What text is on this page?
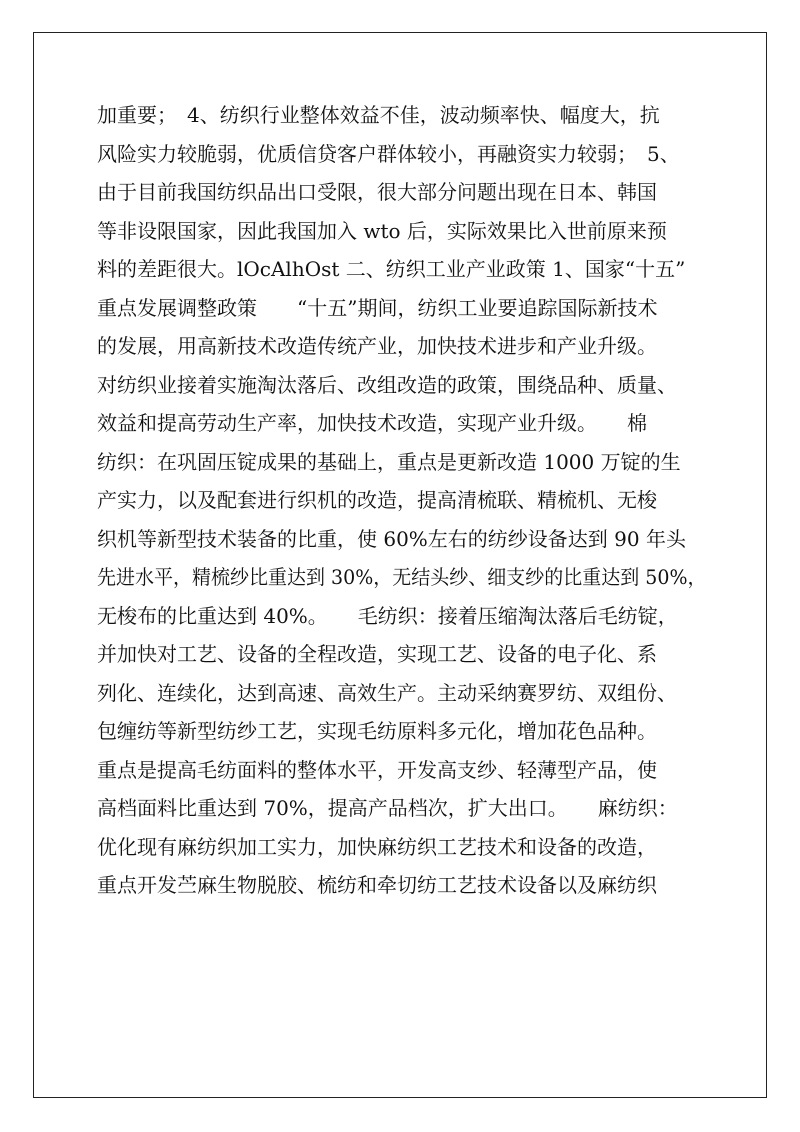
加重要；　4、纺织行业整体效益不佳，波动频率快、幅度大，抗
风险实力较脆弱，优质信贷客户群体较小，再融资实力较弱；　5、
由于目前我国纺织品出口受限，很大部分问题出现在日本、韩国
等非设限国家，因此我国加入 wto 后，实际效果比入世前原来预
料的差距很大。lOcAlhOst 二、纺织工业产业政策 1、国家“十五”
重点发展调整政策　　“十五”期间，纺织工业要追踪国际新技术
的发展，用高新技术改造传统产业，加快技术进步和产业升级。
对纺织业接着实施淘汰落后、改组改造的政策，围绕品种、质量、
效益和提高劳动生产率，加快技术改造，实现产业升级。　　棉
纺织：在巩固压锭成果的基础上，重点是更新改造 1000 万锭的生
产实力，以及配套进行织机的改造，提高清梳联、精梳机、无梭
织机等新型技术装备的比重，使 60%左右的纺纱设备达到 90 年头
先进水平，精梳纱比重达到 30%，无结头纱、细支纱的比重达到 50%，
无梭布的比重达到 40%。　　毛纺织：接着压缩淘汰落后毛纺锭，
并加快对工艺、设备的全程改造，实现工艺、设备的电子化、系
列化、连续化，达到高速、高效生产。主动采纳赛罗纺、双组份、
包缠纺等新型纺纱工艺，实现毛纺原料多元化，增加花色品种。
重点是提高毛纺面料的整体水平，开发高支纱、轻薄型产品，使
高档面料比重达到 70%，提高产品档次，扩大出口。　　麻纺织：
优化现有麻纺织加工实力，加快麻纺织工艺技术和设备的改造，
重点开发苎麻生物脱胶、梳纺和牵切纺工艺技术设备以及麻纺织
